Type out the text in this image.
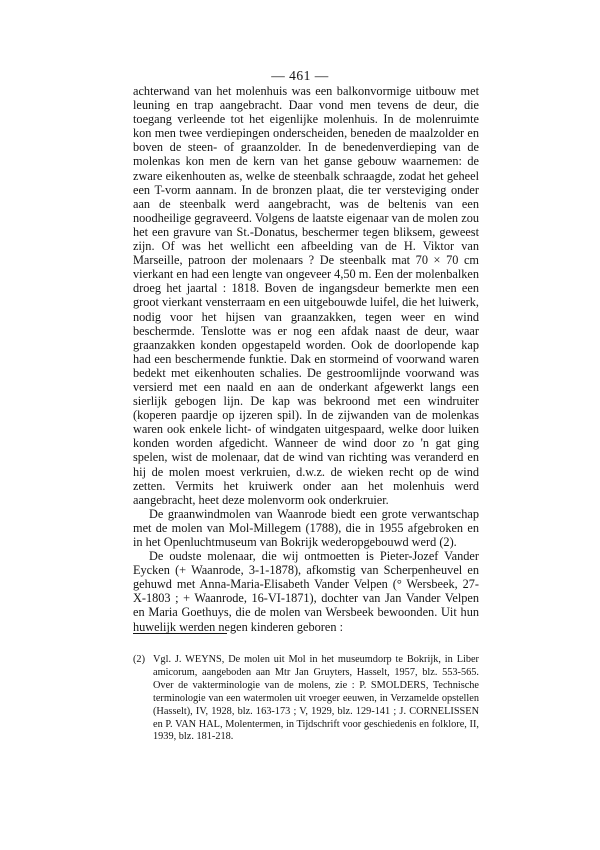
— 461 —

achterwand van het molenhuis was een balkonvormige uitbouw met leuning en trap aangebracht. Daar vond men tevens de deur, die toegang verleende tot het eigenlijke molenhuis. In de molenruimte kon men twee verdiepingen onderscheiden, beneden de maalzolder en boven de steen- of graanzolder. In de benedenverdieping van de molenkas kon men de kern van het ganse gebouw waarnemen: de zware eikenhouten as, welke de steenbalk schraagde, zodat het geheel een T-vorm aannam. In de bronzen plaat, die ter versteviging onder aan de steenbalk werd aangebracht, was de beltenis van een noodheilige gegraveerd. Volgens de laatste eigenaar van de molen zou het een gravure van St.-Donatus, beschermer tegen bliksem, geweest zijn. Of was het wellicht een afbeelding van de H. Viktor van Marseille, patroon der molenaars ? De steenbalk mat 70 × 70 cm vierkant en had een lengte van ongeveer 4,50 m. Een der molenbalken droeg het jaartal : 1818. Boven de ingangsdeur bemerkte men een groot vierkant vensterraam en een uitgebouwde luifel, die het luiwerk, nodig voor het hijsen van graanzakken, tegen weer en wind beschermde. Tenslotte was er nog een afdak naast de deur, waar graanzakken konden opgestapeld worden. Ook de doorlopende kap had een beschermende funktie. Dak en stormeind of voorwand waren bedekt met eikenhouten schalies. De gestroomlijnde voorwand was versierd met een naald en aan de onderkant afgewerkt langs een sierlijk gebogen lijn. De kap was bekroond met een windruiter (koperen paardje op ijzeren spil). In de zijwanden van de molenkas waren ook enkele licht- of windgaten uitgespaard, welke door luiken konden worden afgedicht. Wanneer de wind door zo 'n gat ging spelen, wist de molenaar, dat de wind van richting was veranderd en hij de molen moest verkruien, d.w.z. de wieken recht op de wind zetten. Vermits het kruiwerk onder aan het molenhuis werd aangebracht, heet deze molenvorm ook onderkruier.

De graanwindmolen van Waanrode biedt een grote verwantschap met de molen van Mol-Millegem (1788), die in 1955 afgebroken en in het Openluchtmuseum van Bokrijk wederopgebouwd werd (2).

De oudste molenaar, die wij ontmoetten is Pieter-Jozef Vander Eycken (+ Waanrode, 3-1-1878), afkomstig van Scherpenheuvel en gehuwd met Anna-Maria-Elisabeth Vander Velpen (° Wersbeek, 27-X-1803 ; + Waanrode, 16-VI-1871), dochter van Jan Vander Velpen en Maria Goethuys, die de molen van Wersbeek bewoonden. Uit hun huwelijk werden negen kinderen geboren :

(2) Vgl. J. WEYNS, De molen uit Mol in het museumdorp te Bokrijk, in Liber amicorum, aangeboden aan Mtr Jan Gruyters, Hasselt, 1957, blz. 553-565. Over de vakterminologie van de molens, zie : P. SMOLDERS, Technische terminologie van een watermolen uit vroeger eeuwen, in Verzamelde opstellen (Hasselt), IV, 1928, blz. 163-173 ; V, 1929, blz. 129-141 ; J. CORNELISSEN en P. VAN HAL, Molentermen, in Tijdschrift voor geschiedenis en folklore, II, 1939, blz. 181-218.
